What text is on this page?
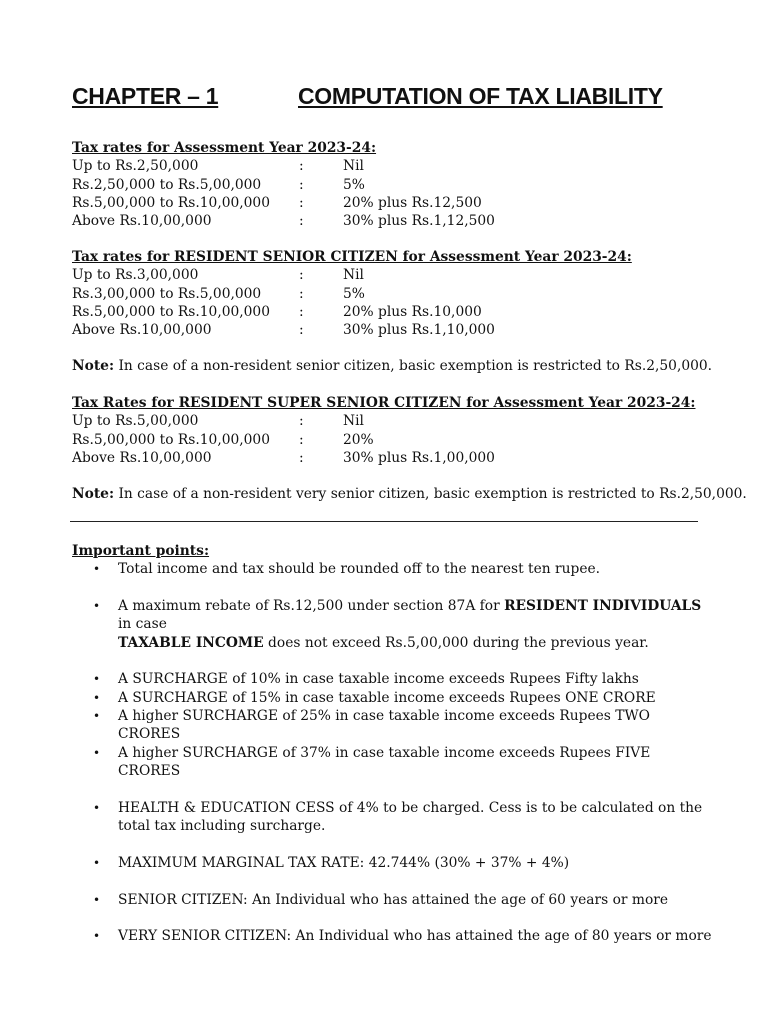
CHAPTER – 1	COMPUTATION OF TAX LIABILITY
Tax rates for Assessment Year 2023-24:
Up to Rs.2,50,000	:	Nil
Rs.2,50,000 to Rs.5,00,000	:	5%
Rs.5,00,000 to Rs.10,00,000 :	20% plus Rs.12,500
Above Rs.10,00,000	:	30% plus Rs.1,12,500
Tax rates for RESIDENT SENIOR CITIZEN for Assessment Year 2023-24:
Up to Rs.3,00,000	:	Nil
Rs.3,00,000 to Rs.5,00,000	:	5%
Rs.5,00,000 to Rs.10,00,000 :	20% plus Rs.10,000
Above Rs.10,00,000	:	30% plus Rs.1,10,000
Note: In case of a non-resident senior citizen, basic exemption is restricted to Rs.2,50,000.
Tax Rates for RESIDENT SUPER SENIOR CITIZEN for Assessment Year 2023-24:
Up to Rs.5,00,000	:	Nil
Rs.5,00,000 to Rs.10,00,000 :	20%
Above Rs.10,00,000	:	30% plus Rs.1,00,000
Note: In case of a non-resident very senior citizen, basic exemption is restricted to Rs.2,50,000.
Important points:
• Total income and tax should be rounded off to the nearest ten rupee.
• A maximum rebate of Rs.12,500 under section 87A for RESIDENT INDIVIDUALS in case
TAXABLE INCOME does not exceed Rs.5,00,000 during the previous year.
• A SURCHARGE of 10% in case taxable income exceeds Rupees Fifty lakhs
• A SURCHARGE of 15% in case taxable income exceeds Rupees ONE CRORE
• A higher SURCHARGE of 25% in case taxable income exceeds Rupees TWO CRORES
• A higher SURCHARGE of 37% in case taxable income exceeds Rupees FIVE CRORES
• HEALTH & EDUCATION CESS of 4% to be charged. Cess is to be calculated on the total tax including surcharge.
• MAXIMUM MARGINAL TAX RATE: 42.744% (30% + 37% + 4%)
• SENIOR CITIZEN: An Individual who has attained the age of 60 years or more
• VERY SENIOR CITIZEN: An Individual who has attained the age of 80 years or more
